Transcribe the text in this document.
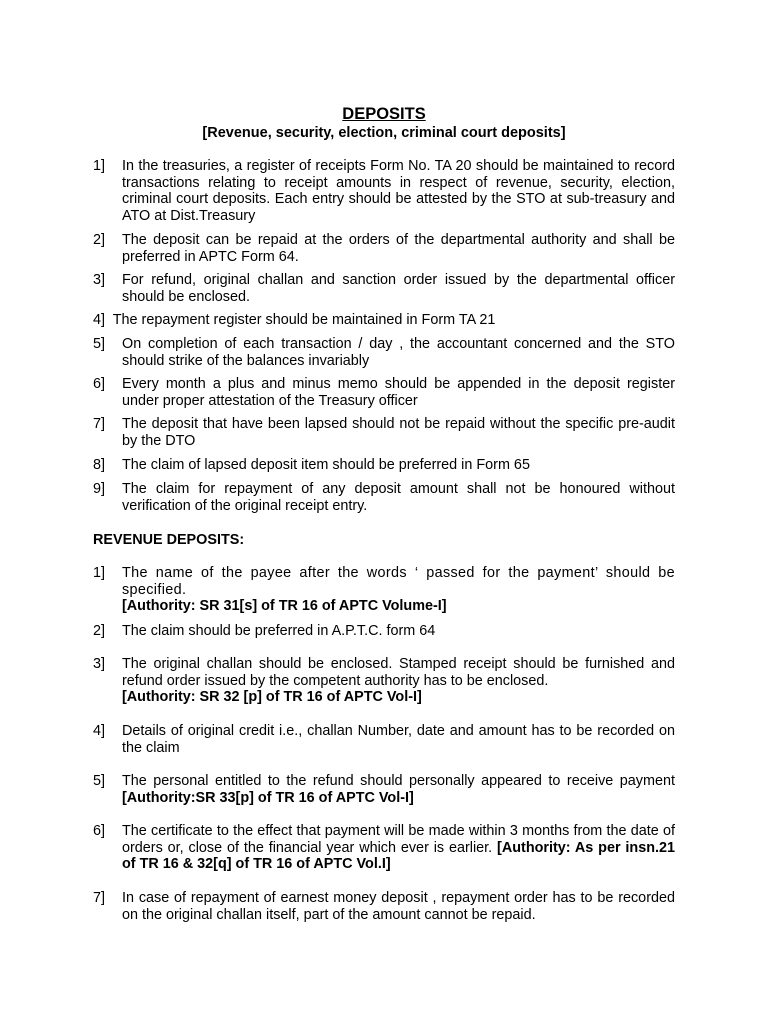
DEPOSITS
[Revenue, security, election, criminal court deposits]
1]	In the treasuries, a register of receipts Form No. TA 20 should be maintained to record transactions relating to receipt amounts in respect of revenue, security, election, criminal court deposits. Each entry should be attested by the STO at sub-treasury and ATO at Dist.Treasury
2]	The deposit can be repaid at the orders of the departmental authority and shall be preferred in APTC Form 64.
3]	For refund, original challan and sanction order issued by the departmental officer should be enclosed.
4] The repayment register should be maintained in Form TA 21
5]	On completion of each transaction / day , the accountant concerned and the STO should strike of the balances invariably
6]	Every month a plus and minus memo should be appended in the deposit register under proper attestation of the Treasury officer
7]	The deposit that have been lapsed should not be repaid without the specific pre-audit by the DTO
8]	The claim of lapsed deposit item should be preferred in Form 65
9]	The claim for repayment of any deposit amount shall not be honoured without verification of the original receipt entry.
REVENUE DEPOSITS:
1]	The name of the payee after the words ‘ passed for the payment’ should be specified.
[Authority: SR 31[s] of TR 16 of APTC Volume-I]
2]	The claim should be preferred in A.P.T.C. form 64
3]	The original challan should be enclosed. Stamped receipt should be furnished and refund order issued by the competent authority has to be enclosed.
[Authority: SR 32 [p] of TR 16 of APTC Vol-I]
4]	Details of original credit i.e., challan Number, date and amount has to be recorded on the claim
5]	The personal entitled to the refund should personally appeared to receive payment [Authority:SR 33[p] of TR 16 of APTC Vol-I]
6]	The certificate to the effect that payment will be made within 3 months from the date of orders or, close of the financial year which ever is earlier. [Authority: As per insn.21 of TR 16 & 32[q] of TR 16 of APTC Vol.I]
7]	In case of repayment of earnest money deposit , repayment order has to be recorded on the original challan itself, part of the amount cannot be repaid.
